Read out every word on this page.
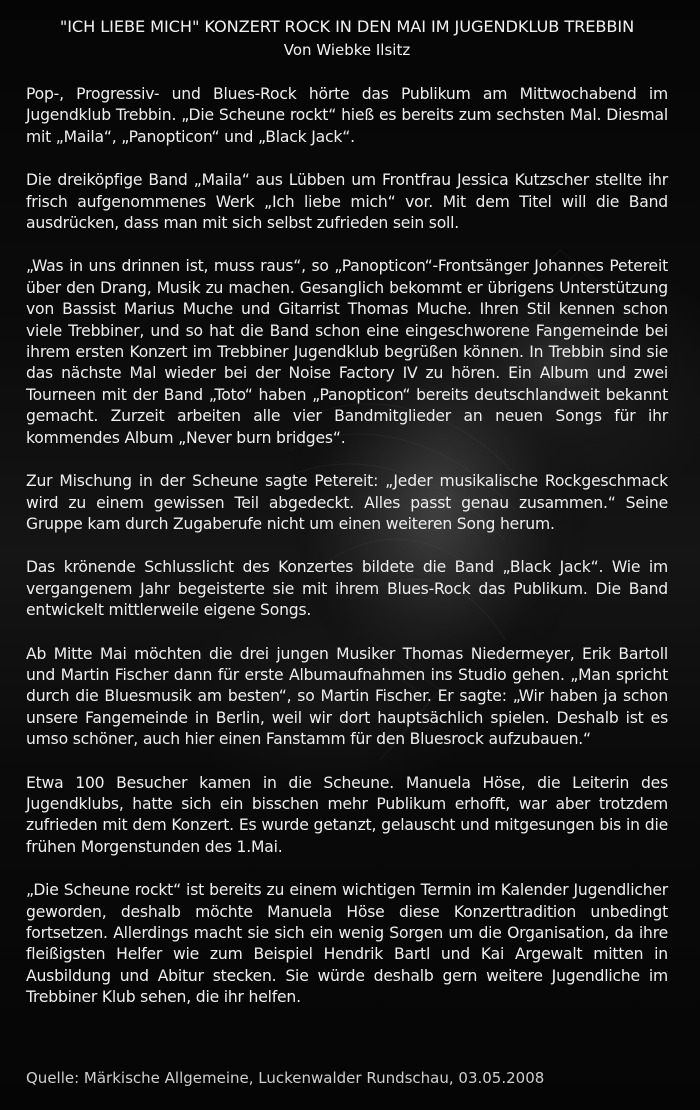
"ICH LIEBE MICH" KONZERT ROCK IN DEN MAI IM JUGENDKLUB TREBBIN
Von Wiebke Ilsitz

Pop-, Progressiv- und Blues-Rock hörte das Publikum am Mittwochabend im Jugendklub Trebbin. „Die Scheune rockt“ hieß es bereits zum sechsten Mal. Diesmal mit „Maila“, „Panopticon“ und „Black Jack“.

Die dreiköpfige Band „Maila“ aus Lübben um Frontfrau Jessica Kutzscher stellte ihr frisch aufgenommenes Werk „Ich liebe mich“ vor. Mit dem Titel will die Band ausdrücken, dass man mit sich selbst zufrieden sein soll.

„Was in uns drinnen ist, muss raus“, so „Panopticon“-Frontsänger Johannes Petereit über den Drang, Musik zu machen. Gesanglich bekommt er übrigens Unterstützung von Bassist Marius Muche und Gitarrist Thomas Muche. Ihren Stil kennen schon viele Trebbiner, und so hat die Band schon eine eingeschworene Fangemeinde bei ihrem ersten Konzert im Trebbiner Jugendklub begrüßen können. In Trebbin sind sie das nächste Mal wieder bei der Noise Factory IV zu hören. Ein Album und zwei Tourneen mit der Band „Toto“ haben „Panopticon“ bereits deutschlandweit bekannt gemacht. Zurzeit arbeiten alle vier Bandmitglieder an neuen Songs für ihr kommendes Album „Never burn bridges“.

Zur Mischung in der Scheune sagte Petereit: „Jeder musikalische Rockgeschmack wird zu einem gewissen Teil abgedeckt. Alles passt genau zusammen.“ Seine Gruppe kam durch Zugaberufe nicht um einen weiteren Song herum.

Das krönende Schlusslicht des Konzertes bildete die Band „Black Jack“. Wie im vergangenem Jahr begeisterte sie mit ihrem Blues-Rock das Publikum. Die Band entwickelt mittlerweile eigene Songs.

Ab Mitte Mai möchten die drei jungen Musiker Thomas Niedermeyer, Erik Bartoll und Martin Fischer dann für erste Albumaufnahmen ins Studio gehen. „Man spricht durch die Bluesmusik am besten“, so Martin Fischer. Er sagte: „Wir haben ja schon unsere Fangemeinde in Berlin, weil wir dort hauptsächlich spielen. Deshalb ist es umso schöner, auch hier einen Fanstamm für den Bluesrock aufzubauen.“

Etwa 100 Besucher kamen in die Scheune. Manuela Höse, die Leiterin des Jugendklubs, hatte sich ein bisschen mehr Publikum erhofft, war aber trotzdem zufrieden mit dem Konzert. Es wurde getanzt, gelauscht und mitgesungen bis in die frühen Morgenstunden des 1.Mai.

„Die Scheune rockt“ ist bereits zu einem wichtigen Termin im Kalender Jugendlicher geworden, deshalb möchte Manuela Höse diese Konzerttradition unbedingt fortsetzen. Allerdings macht sie sich ein wenig Sorgen um die Organisation, da ihre fleißigsten Helfer wie zum Beispiel Hendrik Bartl und Kai Argewalt mitten in Ausbildung und Abitur stecken. Sie würde deshalb gern weitere Jugendliche im Trebbiner Klub sehen, die ihr helfen.

Quelle: Märkische Allgemeine, Luckenwalder Rundschau, 03.05.2008
